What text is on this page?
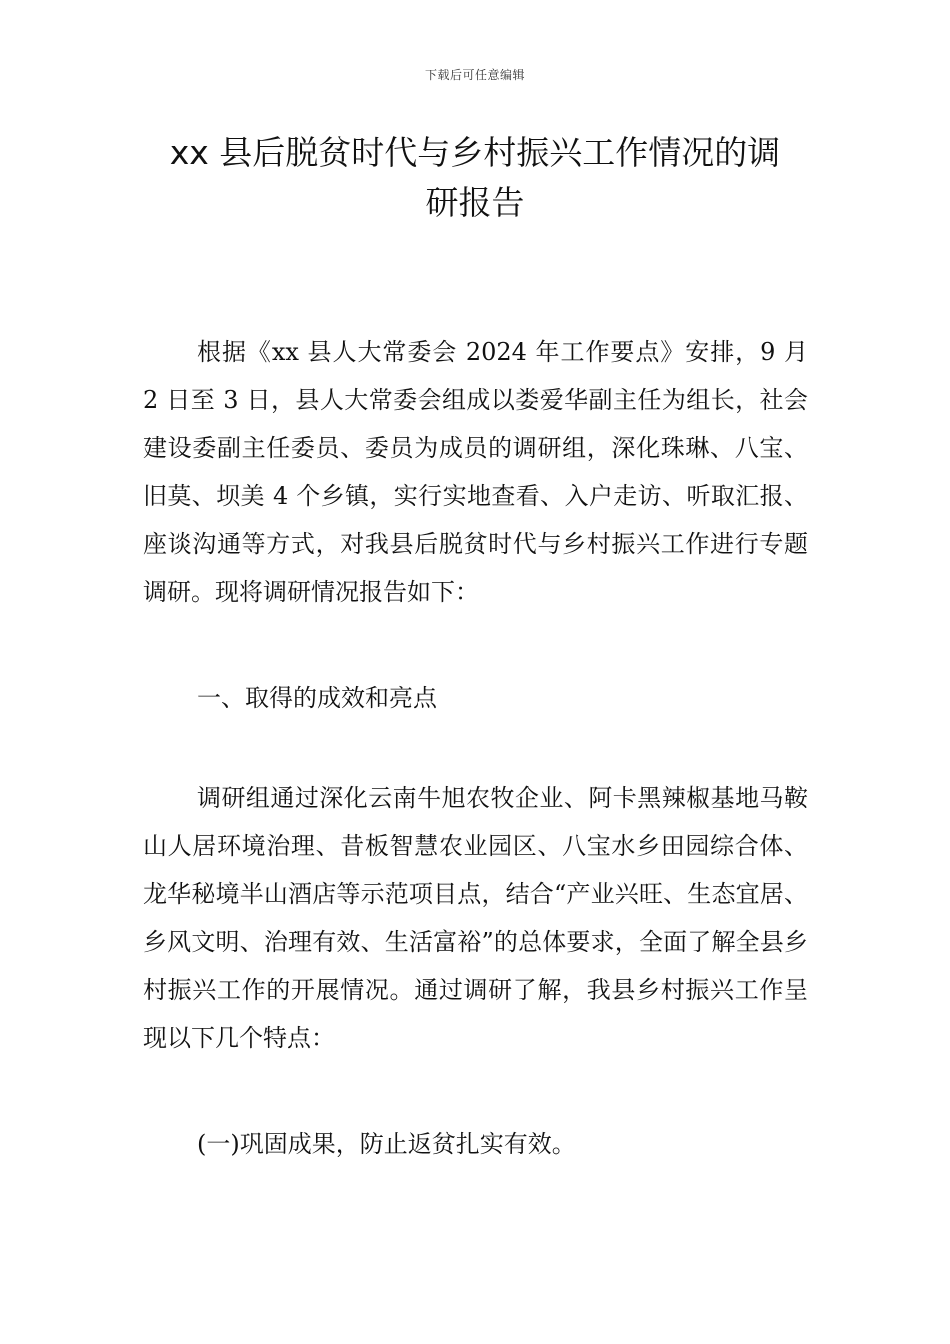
下载后可任意编辑
xx 县后脱贫时代与乡村振兴工作情况的调
研报告

根据《xx 县人大常委会 2024 年工作要点》安排，9 月 2 日至 3 日，县人大常委会组成以娄爱华副主任为组长，社会建设委副主任委员、委员为成员的调研组，深化珠琳、八宝、旧莫、坝美 4 个乡镇，实行实地查看、入户走访、听取汇报、座谈沟通等方式，对我县后脱贫时代与乡村振兴工作进行专题调研。现将调研情况报告如下：

一、取得的成效和亮点

调研组通过深化云南牛旭农牧企业、阿卡黑辣椒基地马鞍山人居环境治理、昔板智慧农业园区、八宝水乡田园综合体、龙华秘境半山酒店等示范项目点，结合“产业兴旺、生态宜居、乡风文明、治理有效、生活富裕”的总体要求，全面了解全县乡村振兴工作的开展情况。通过调研了解，我县乡村振兴工作呈现以下几个特点：

(一)巩固成果，防止返贫扎实有效。
